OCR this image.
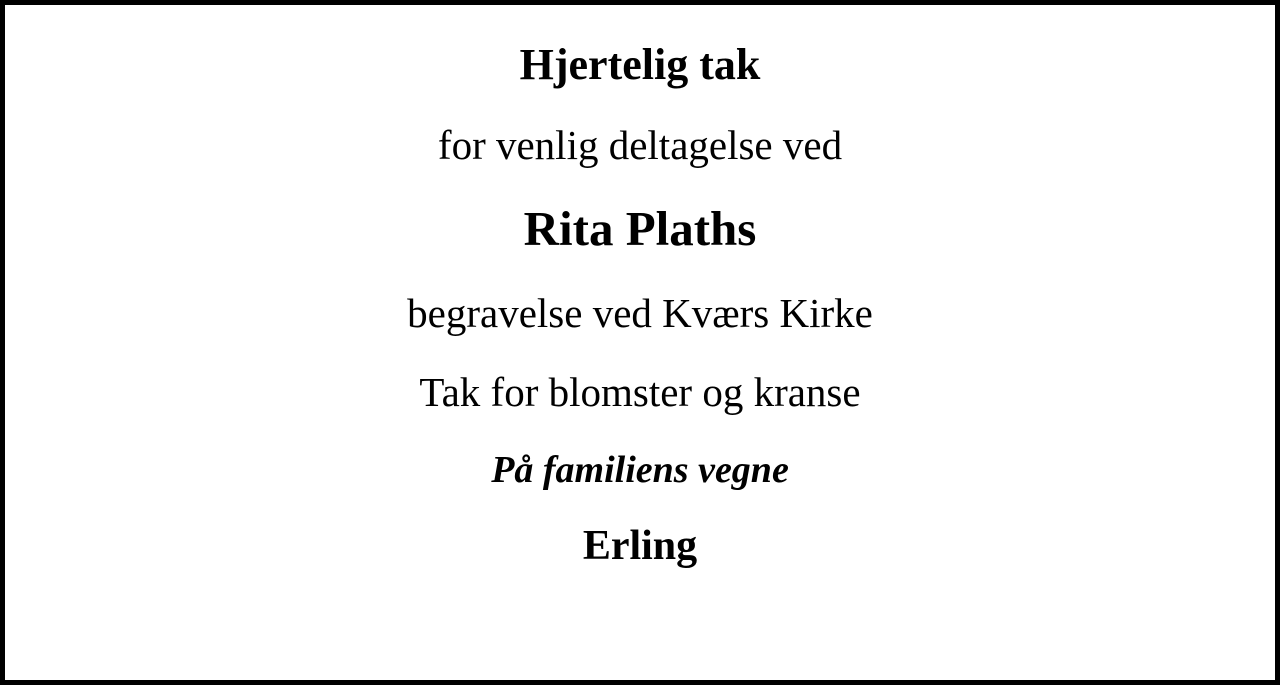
Hjertelig tak
for venlig deltagelse ved
Rita Plaths
begravelse ved Kværs Kirke
Tak for blomster og kranse
På familiens vegne
Erling
